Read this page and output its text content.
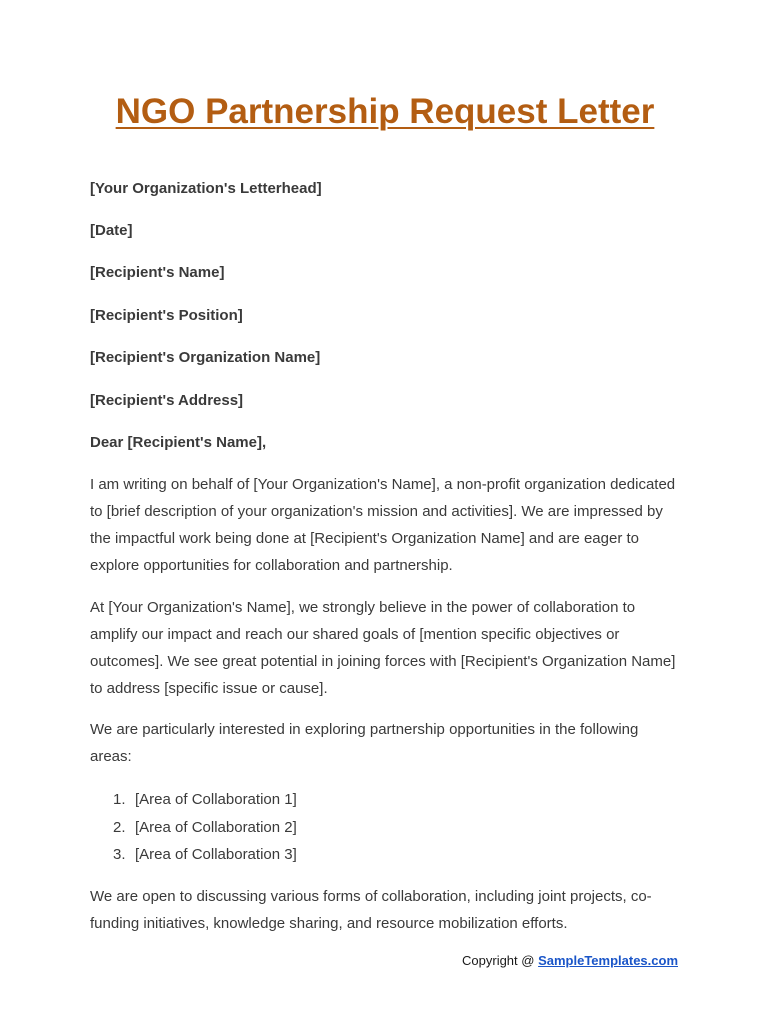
NGO Partnership Request Letter

[Your Organization's Letterhead]

[Date]

[Recipient's Name]

[Recipient's Position]

[Recipient's Organization Name]

[Recipient's Address]

Dear [Recipient's Name],

I am writing on behalf of [Your Organization's Name], a non-profit organization dedicated to [brief description of your organization's mission and activities]. We are impressed by the impactful work being done at [Recipient's Organization Name] and are eager to explore opportunities for collaboration and partnership.

At [Your Organization's Name], we strongly believe in the power of collaboration to amplify our impact and reach our shared goals of [mention specific objectives or outcomes]. We see great potential in joining forces with [Recipient's Organization Name] to address [specific issue or cause].

We are particularly interested in exploring partnership opportunities in the following areas:

1. [Area of Collaboration 1]
2. [Area of Collaboration 2]
3. [Area of Collaboration 3]

We are open to discussing various forms of collaboration, including joint projects, co-funding initiatives, knowledge sharing, and resource mobilization efforts.

Copyright @ SampleTemplates.com
